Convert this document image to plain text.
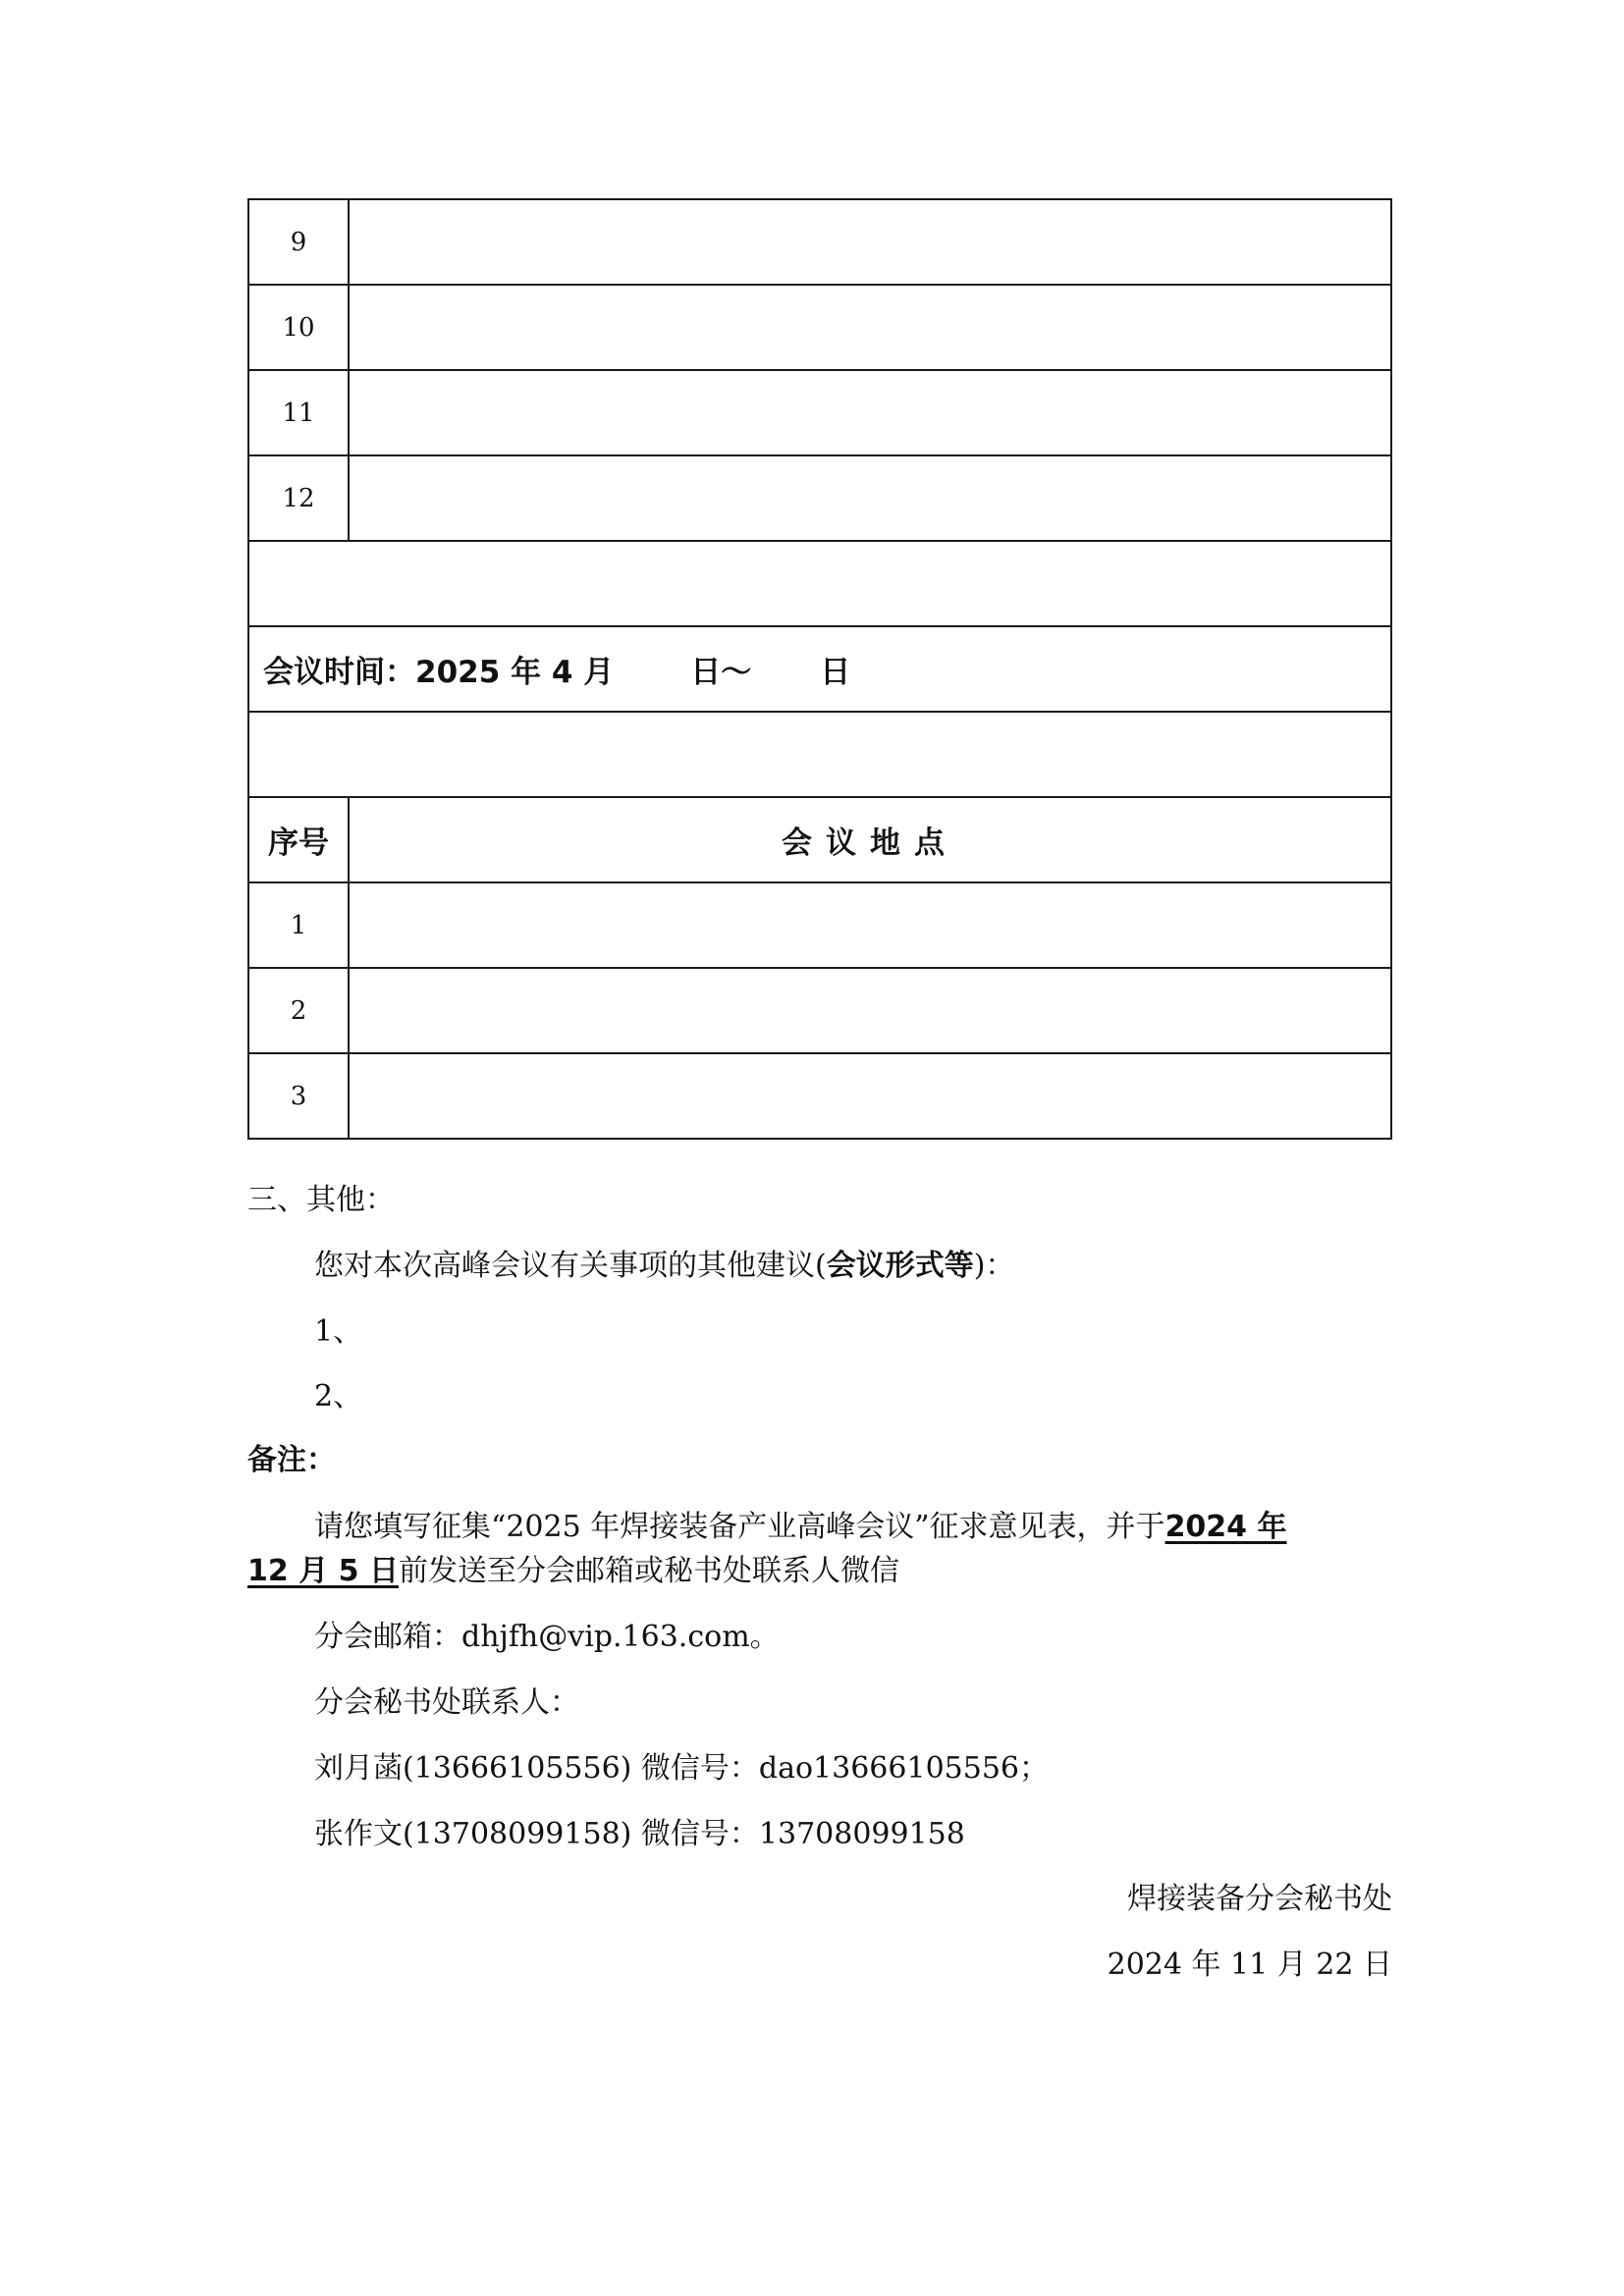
9	
10	
11	
12	

会议时间：2025 年 4 月 日～ 日	

序号	会议地点
1	
2	
3	
三、其他：
您对本次高峰会议有关事项的其他建议(会议形式等)：
1、
2、
备注：
请您填写征集“2025 年焊接装备产业高峰会议”征求意见表，并于2024 年
12 月 5 日前发送至分会邮箱或秘书处联系人微信
分会邮箱：dhjfh@vip.163.com。
分会秘书处联系人：
刘月菡(13666105556) 微信号：dao13666105556；
张作文(13708099158) 微信号：13708099158
焊接装备分会秘书处
2024 年 11 月 22 日
